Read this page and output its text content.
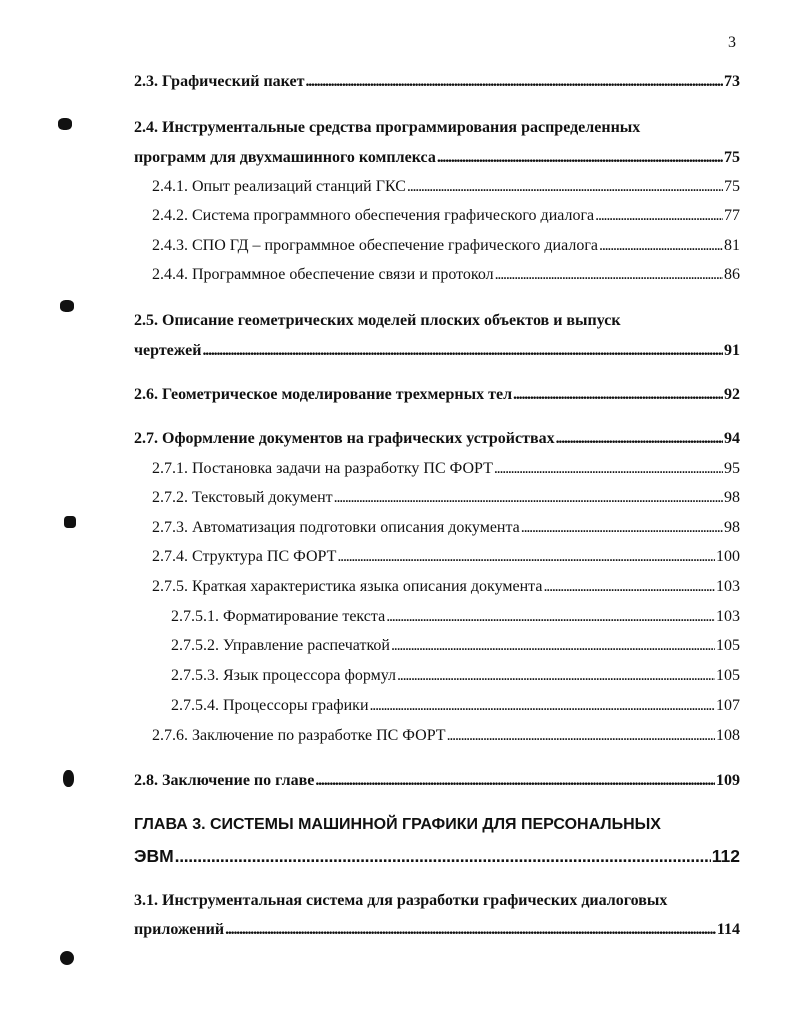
3
2.3. Графический пакет . . .	73
2.4. Инструментальные средства программирования распределенных
программ для двухмашинного комплекса . . .	75
2.4.1. Опыт реализаций станций ГКС . . .	75
2.4.2. Система программного обеспечения графического диалога . . .	77
2.4.3. СПО ГД – программное обеспечение графического диалога . . .	81
2.4.4. Программное обеспечение связи и протокол . . .	86
2.5. Описание геометрических моделей плоских объектов и выпуск
чертежей . . .	91
2.6. Геометрическое моделирование трехмерных тел . . .	92
2.7. Оформление документов на графических устройствах . . .	94
2.7.1. Постановка задачи на разработку ПС ФОРТ . . .	95
2.7.2. Текстовый документ . . .	98
2.7.3. Автоматизация подготовки описания документа . . .	98
2.7.4. Структура ПС ФОРТ . . .	100
2.7.5. Краткая характеристика языка описания документа . . .	103
2.7.5.1. Форматирование текста . . .	103
2.7.5.2. Управление распечаткой . . .	105
2.7.5.3. Язык процессора формул . . .	105
2.7.5.4. Процессоры графики . . .	107
2.7.6. Заключение по разработке ПС ФОРТ . . .	108
2.8. Заключение по главе . . .	109
ГЛАВА 3. СИСТЕМЫ МАШИННОЙ ГРАФИКИ ДЛЯ ПЕРСОНАЛЬНЫХ
ЭВМ . . .	112
3.1. Инструментальная система для разработки графических диалоговых
приложений . . .	114
